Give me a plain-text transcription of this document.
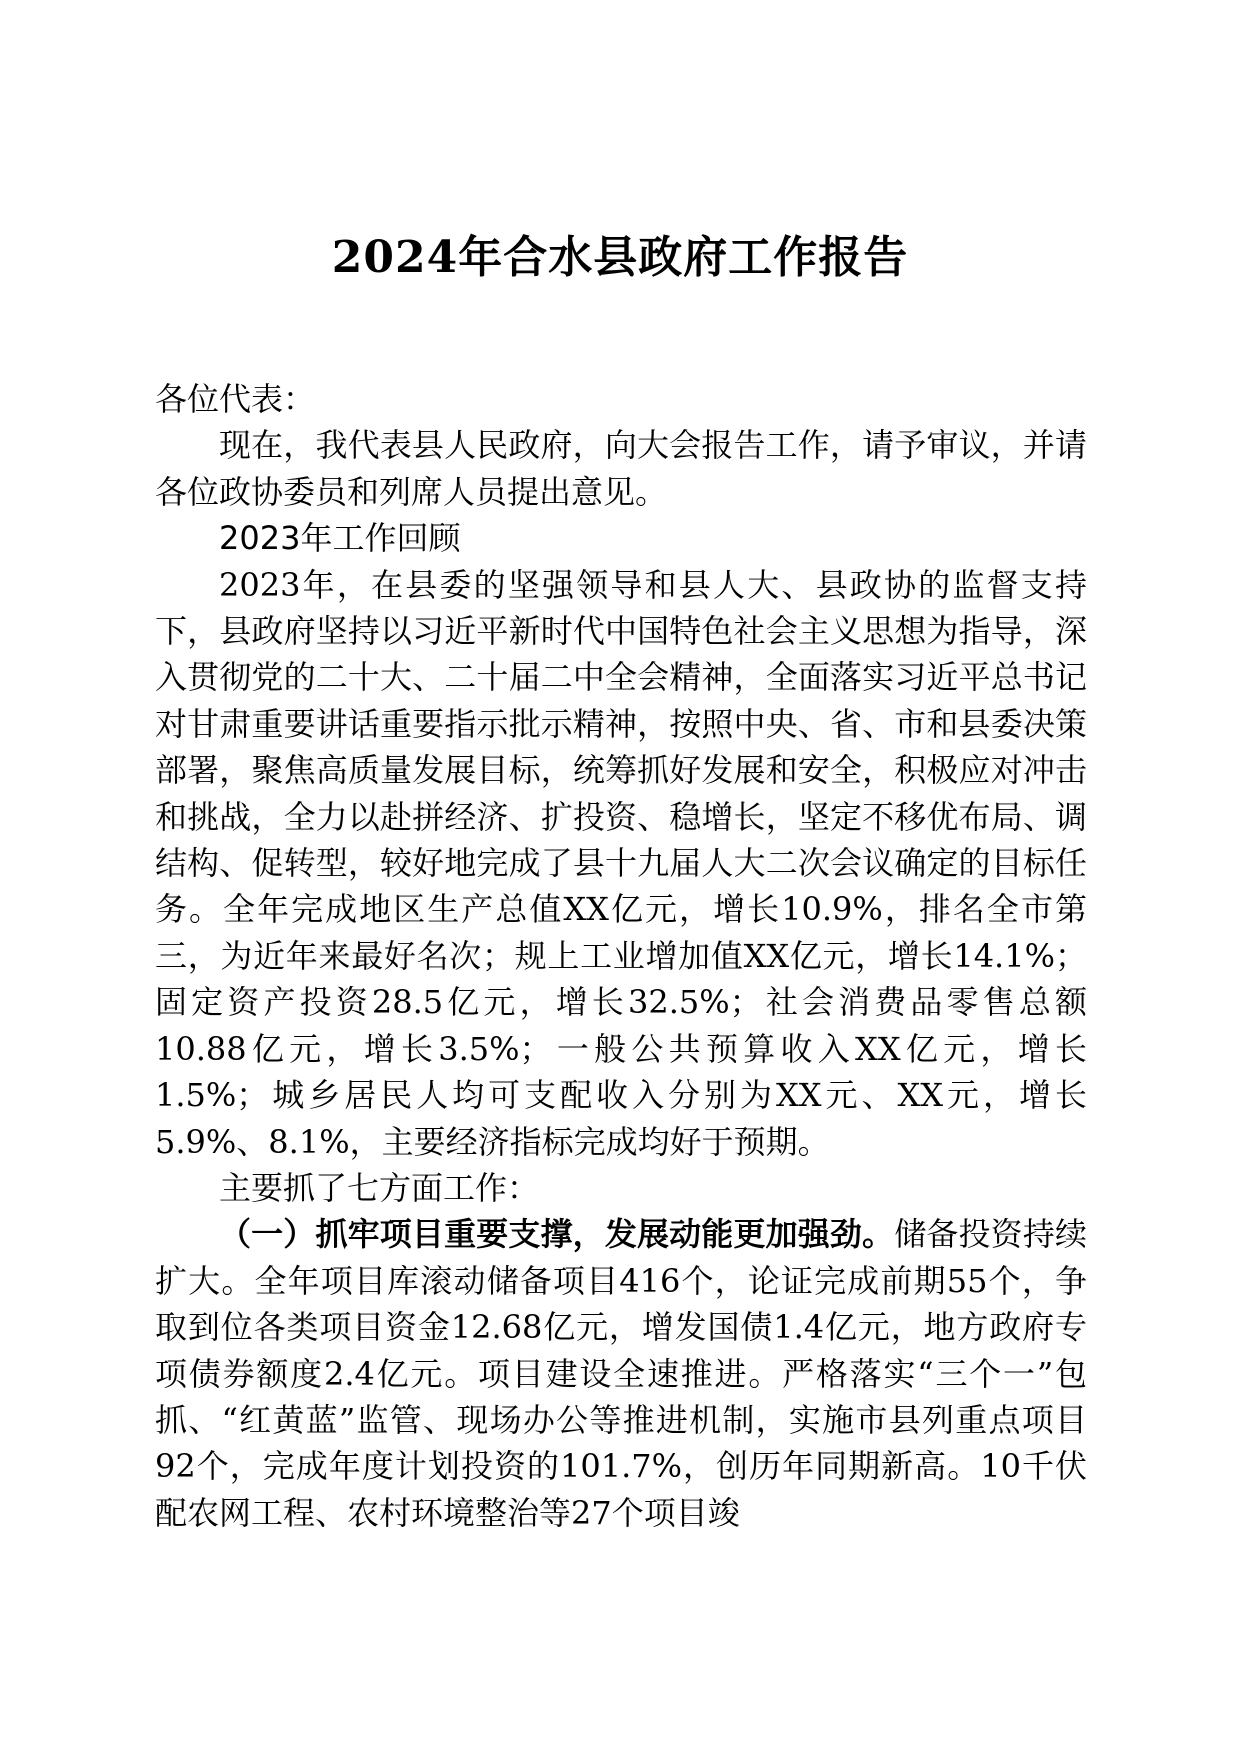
2024年合水县政府工作报告

各位代表：

现在，我代表县人民政府，向大会报告工作，请予审议，并请各位政协委员和列席人员提出意见。

2023年工作回顾

2023年，在县委的坚强领导和县人大、县政协的监督支持下，县政府坚持以习近平新时代中国特色社会主义思想为指导，深入贯彻党的二十大、二十届二中全会精神，全面落实习近平总书记对甘肃重要讲话重要指示批示精神，按照中央、省、市和县委决策部署，聚焦高质量发展目标，统筹抓好发展和安全，积极应对冲击和挑战，全力以赴拼经济、扩投资、稳增长，坚定不移优布局、调结构、促转型，较好地完成了县十九届人大二次会议确定的目标任务。全年完成地区生产总值XX亿元，增长10.9%，排名全市第三，为近年来最好名次；规上工业增加值XX亿元，增长14.1%；固定资产投资28.5亿元，增长32.5%；社会消费品零售总额10.88亿元，增长3.5%；一般公共预算收入XX亿元，增长1.5%；城乡居民人均可支配收入分别为XX元、XX元，增长5.9%、8.1%，主要经济指标完成均好于预期。

主要抓了七方面工作：

（一）抓牢项目重要支撑，发展动能更加强劲。储备投资持续扩大。全年项目库滚动储备项目416个，论证完成前期55个，争取到位各类项目资金12.68亿元，增发国债1.4亿元，地方政府专项债券额度2.4亿元。项目建设全速推进。严格落实“三个一”包抓、“红黄蓝”监管、现场办公等推进机制，实施市县列重点项目92个，完成年度计划投资的101.7%，创历年同期新高。10千伏配农网工程、农村环境整治等27个项目竣
